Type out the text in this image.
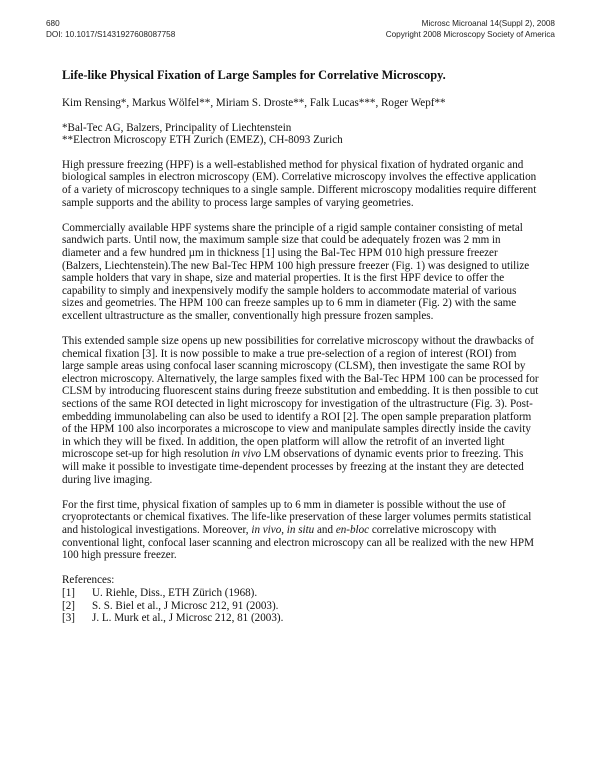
680
DOI: 10.1017/S1431927608087758
Microsc Microanal 14(Suppl 2), 2008
Copyright 2008 Microscopy Society of America
Life-like Physical Fixation of Large Samples for Correlative Microscopy.
Kim Rensing*, Markus Wölfel**, Miriam S. Droste**, Falk Lucas***, Roger Wepf**
*Bal-Tec AG, Balzers, Principality of Liechtenstein
**Electron Microscopy ETH Zurich (EMEZ), CH-8093 Zurich

High pressure freezing (HPF) is a well-established method for physical fixation of hydrated organic and biological samples in electron microscopy (EM). Correlative microscopy involves the effective application of a variety of microscopy techniques to a single sample. Different microscopy modalities require different sample supports and the ability to process large samples of varying geometries.

Commercially available HPF systems share the principle of a rigid sample container consisting of metal sandwich parts. Until now, the maximum sample size that could be adequately frozen was 2 mm in diameter and a few hundred µm in thickness [1] using the Bal-Tec HPM 010 high pressure freezer (Balzers, Liechtenstein).The new Bal-Tec HPM 100 high pressure freezer (Fig. 1) was designed to utilize sample holders that vary in shape, size and material properties. It is the first HPF device to offer the capability to simply and inexpensively modify the sample holders to accommodate material of various sizes and geometries. The HPM 100 can freeze samples up to 6 mm in diameter (Fig. 2) with the same excellent ultrastructure as the smaller, conventionally high pressure frozen samples.

This extended sample size opens up new possibilities for correlative microscopy without the drawbacks of chemical fixation [3]. It is now possible to make a true pre-selection of a region of interest (ROI) from large sample areas using confocal laser scanning microscopy (CLSM), then investigate the same ROI by electron microscopy. Alternatively, the large samples fixed with the Bal-Tec HPM 100 can be processed for CLSM by introducing fluorescent stains during freeze substitution and embedding. It is then possible to cut sections of the same ROI detected in light microscopy for investigation of the ultrastructure (Fig. 3). Post-embedding immunolabeling can also be used to identify a ROI [2]. The open sample preparation platform of the HPM 100 also incorporates a microscope to view and manipulate samples directly inside the cavity in which they will be fixed. In addition, the open platform will allow the retrofit of an inverted light microscope set-up for high resolution in vivo LM observations of dynamic events prior to freezing. This will make it possible to investigate time-dependent processes by freezing at the instant they are detected during live imaging.

For the first time, physical fixation of samples up to 6 mm in diameter is possible without the use of cryoprotectants or chemical fixatives. The life-like preservation of these larger volumes permits statistical and histological investigations. Moreover, in vivo, in situ and en-bloc correlative microscopy with conventional light, confocal laser scanning and electron microscopy can all be realized with the new HPM 100 high pressure freezer.

References:
[1]	U. Riehle, Diss., ETH Zürich (1968).
[2]	S. S. Biel et al., J Microsc 212, 91 (2003).
[3]	J. L. Murk et al., J Microsc 212, 81 (2003).
